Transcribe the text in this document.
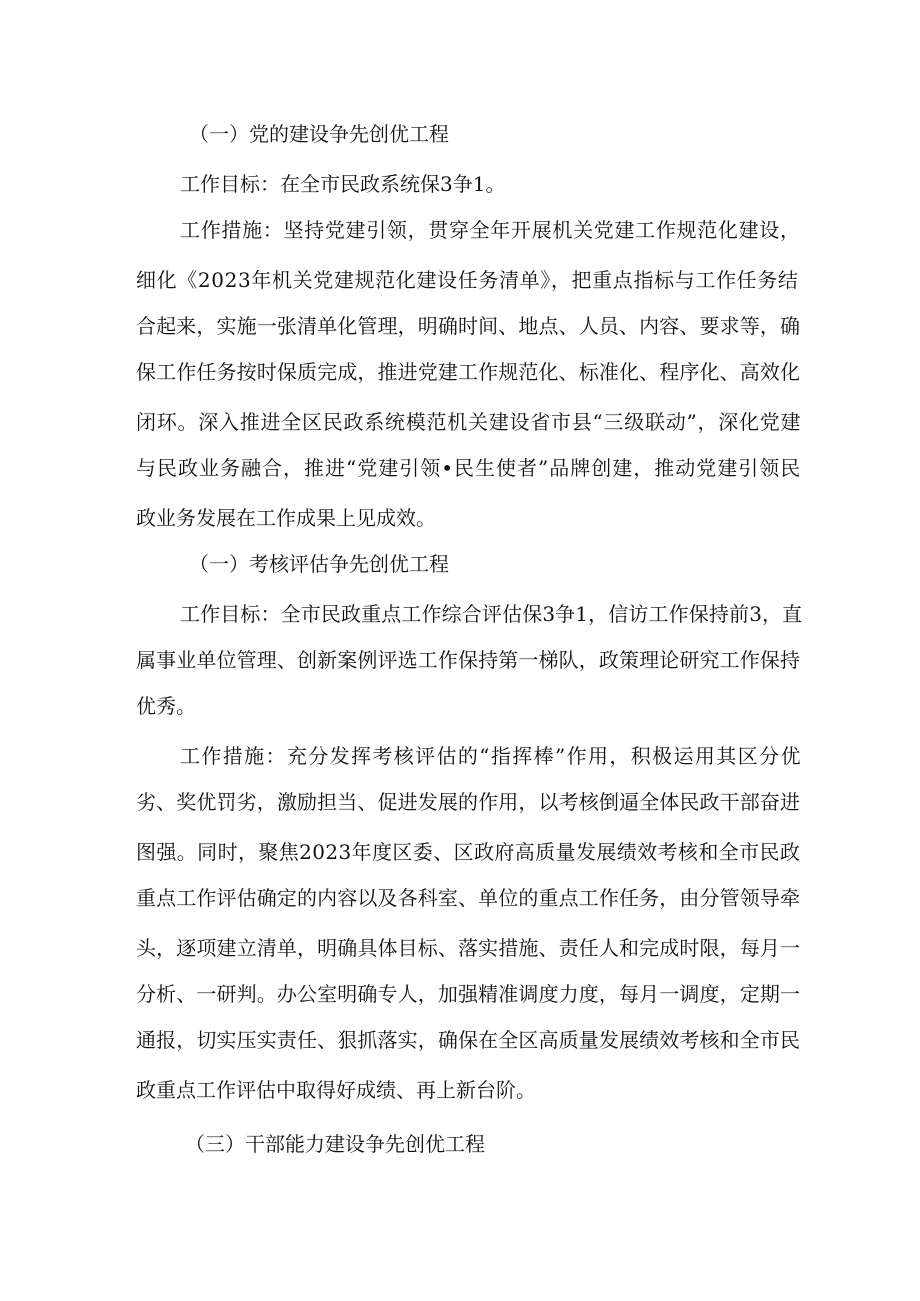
（一）党的建设争先创优工程

工作目标：在全市民政系统保3争1。

工作措施：坚持党建引领，贯穿全年开展机关党建工作规范化建设，

细化《2023年机关党建规范化建设任务清单》，把重点指标与工作任务结

合起来，实施一张清单化管理，明确时间、地点、人员、内容、要求等，确

保工作任务按时保质完成，推进党建工作规范化、标准化、程序化、高效化

闭环。深入推进全区民政系统模范机关建设省市县“三级联动”，深化党建

与民政业务融合，推进“党建引领•民生使者”品牌创建，推动党建引领民

政业务发展在工作成果上见成效。

（一）考核评估争先创优工程

工作目标：全市民政重点工作综合评估保3争1，信访工作保持前3，直

属事业单位管理、创新案例评选工作保持第一梯队，政策理论研究工作保持

优秀。

工作措施：充分发挥考核评估的“指挥棒”作用，积极运用其区分优

劣、奖优罚劣，激励担当、促进发展的作用，以考核倒逼全体民政干部奋进

图强。同时，聚焦2023年度区委、区政府高质量发展绩效考核和全市民政

重点工作评估确定的内容以及各科室、单位的重点工作任务，由分管领导牵

头，逐项建立清单，明确具体目标、落实措施、责任人和完成时限，每月一

分析、一研判。办公室明确专人，加强精准调度力度，每月一调度，定期一

通报，切实压实责任、狠抓落实，确保在全区高质量发展绩效考核和全市民

政重点工作评估中取得好成绩、再上新台阶。

（三）干部能力建设争先创优工程
